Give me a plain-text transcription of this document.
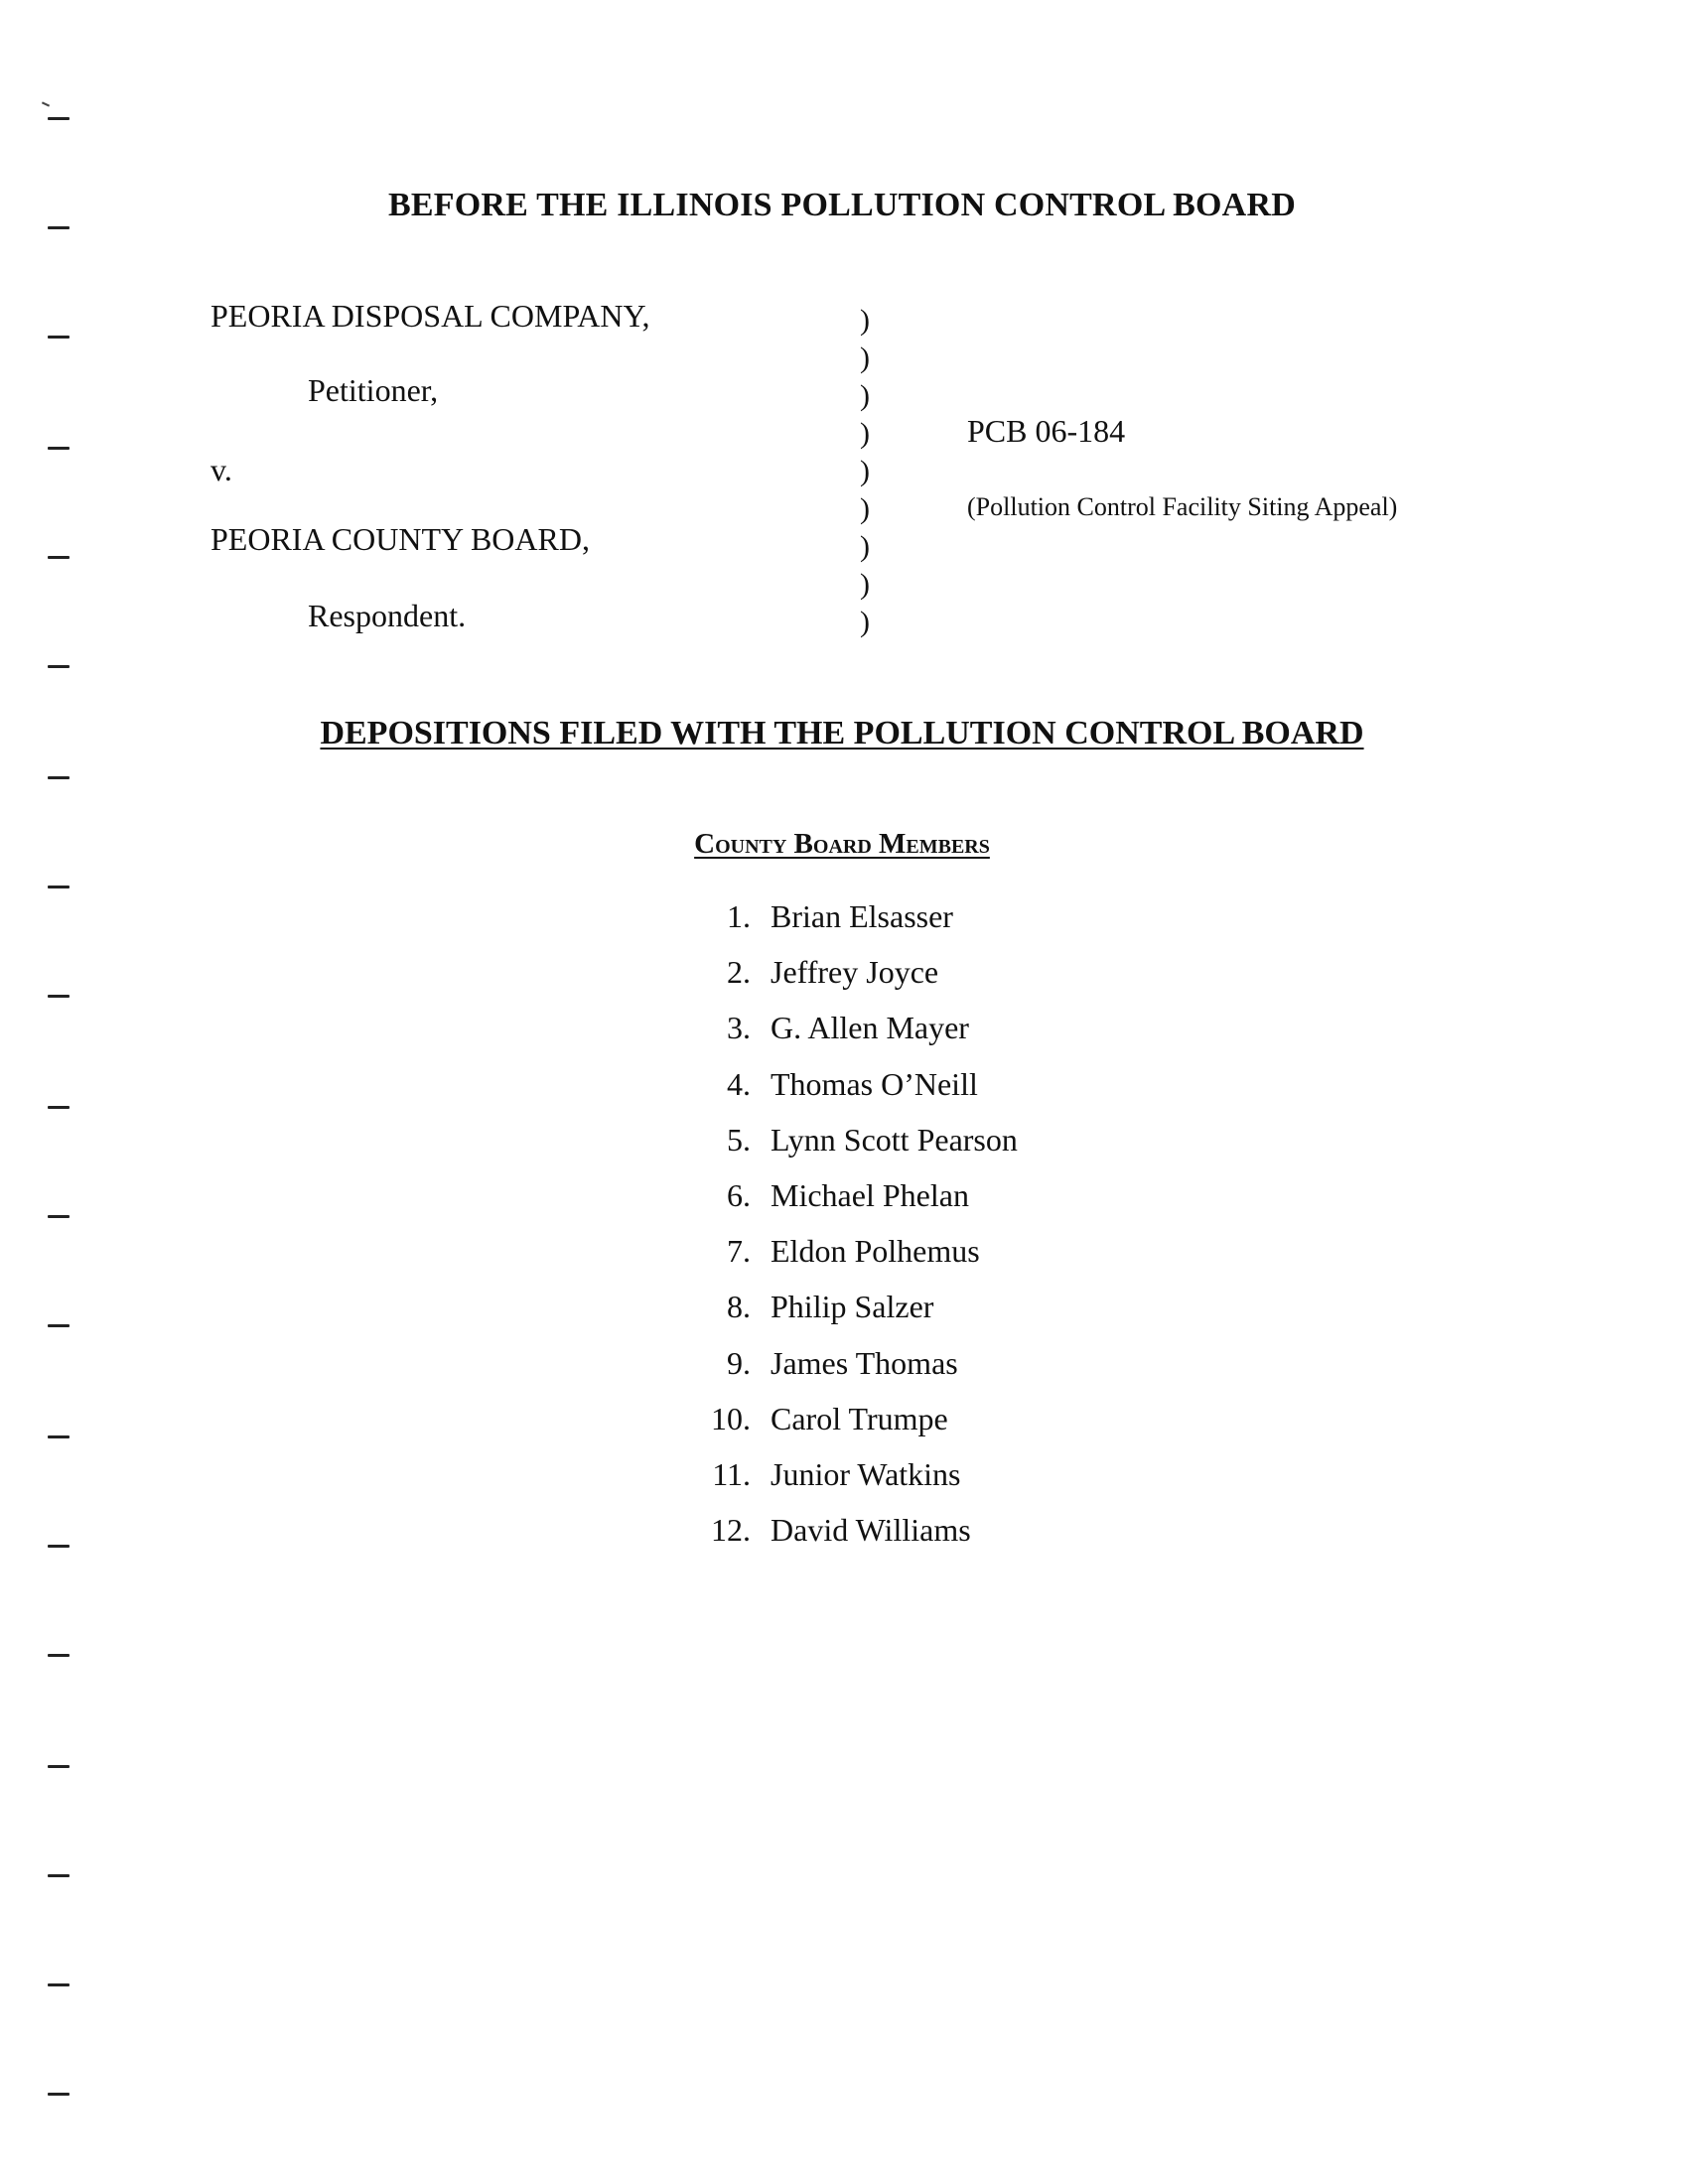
BEFORE THE ILLINOIS POLLUTION CONTROL BOARD
PEORIA DISPOSAL COMPANY,
Petitioner,
v.
PEORIA COUNTY BOARD,
Respondent.
)
)
)
)
)
)
)
)
)
PCB 06-184
(Pollution Control Facility Siting Appeal)
DEPOSITIONS FILED WITH THE POLLUTION CONTROL BOARD
County Board Members
1. Brian Elsasser
2. Jeffrey Joyce
3. G. Allen Mayer
4. Thomas O’Neill
5. Lynn Scott Pearson
6. Michael Phelan
7. Eldon Polhemus
8. Philip Salzer
9. James Thomas
10. Carol Trumpe
11. Junior Watkins
12. David Williams
